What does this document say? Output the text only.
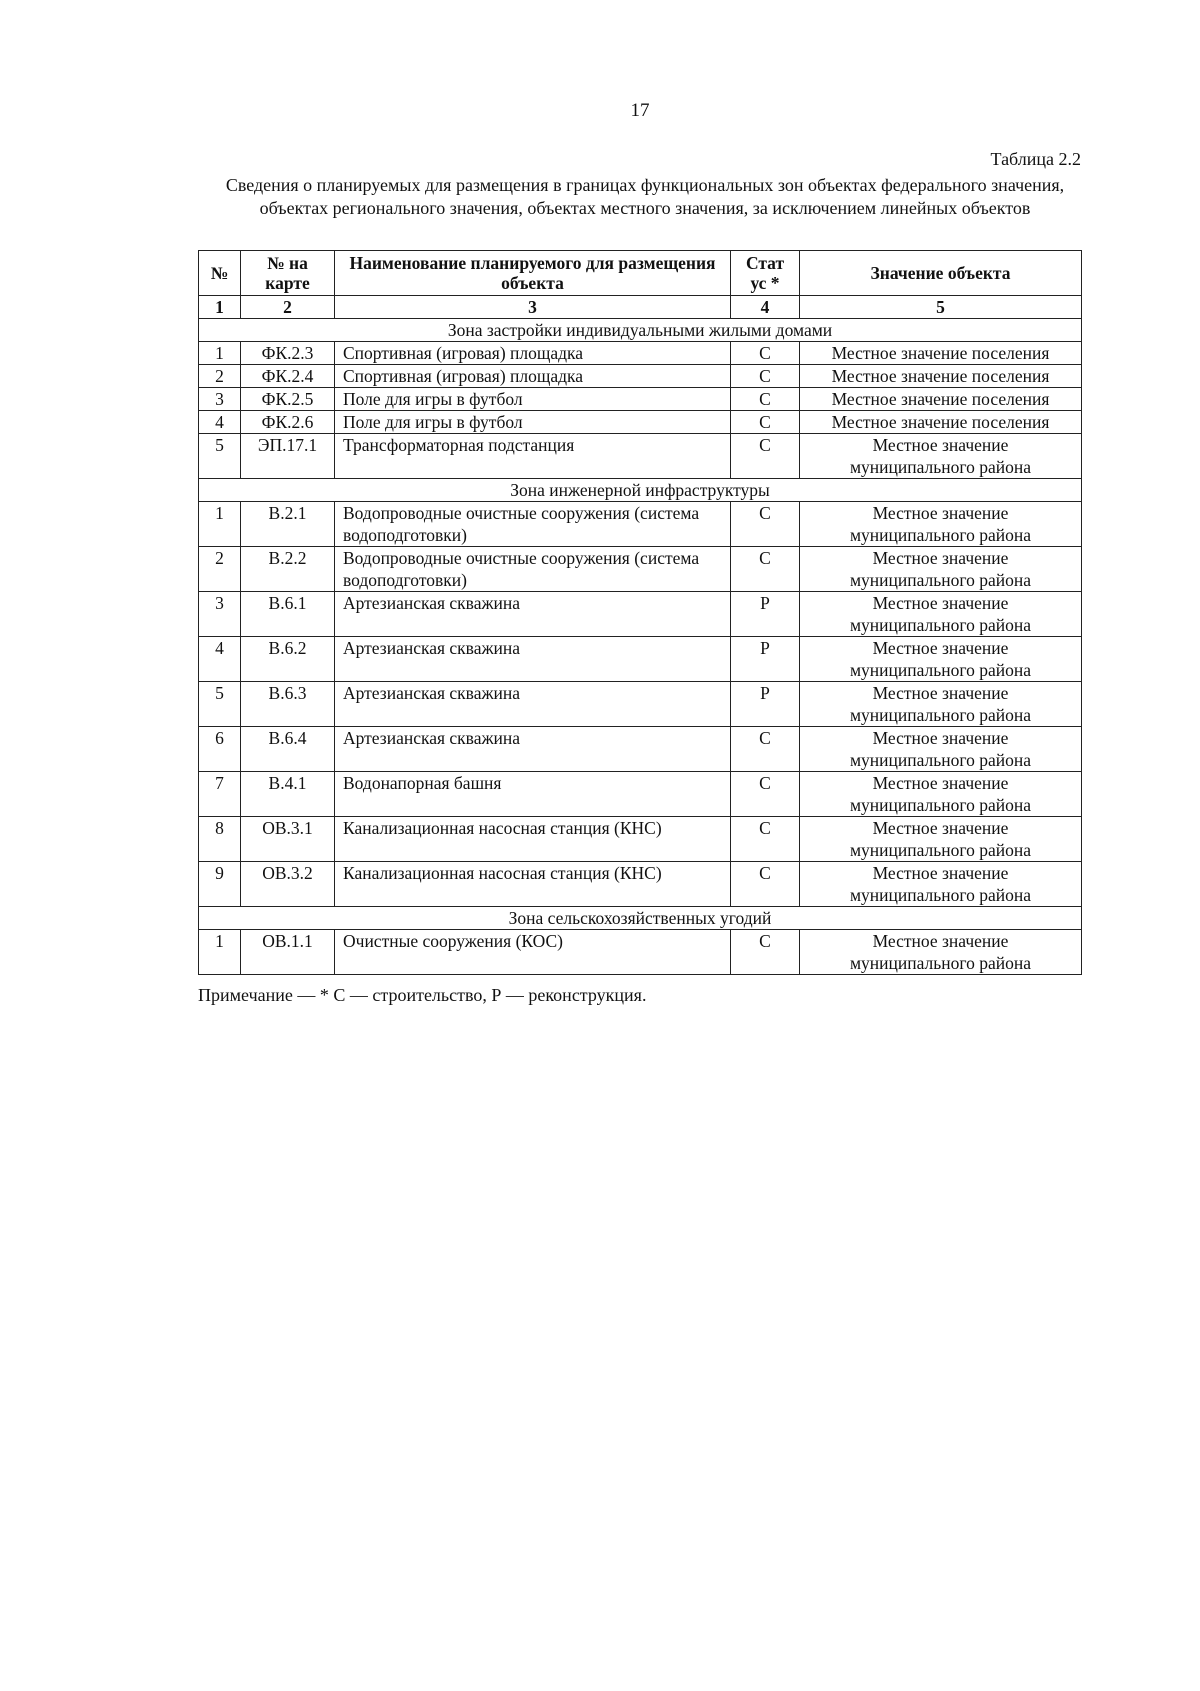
17
Таблица 2.2
Сведения о планируемых для размещения в границах функциональных зон объектах федерального значения, объектах регионального значения, объектах местного значения, за исключением линейных объектов
№	№ на карте	Наименование планируемого для размещения объекта	Стат ус *	Значение объекта
1	2	3	4	5
Зона застройки индивидуальными жилыми домами				
1	ФК.2.3	Спортивная (игровая) площадка	С	Местное значение поселения
2	ФК.2.4	Спортивная (игровая) площадка	С	Местное значение поселения
3	ФК.2.5	Поле для игры в футбол	С	Местное значение поселения
4	ФК.2.6	Поле для игры в футбол	С	Местное значение поселения
5	ЭП.17.1	Трансформаторная подстанция	С	Местное значение муниципального района
Зона инженерной инфраструктуры				
1	В.2.1	Водопроводные очистные сооружения (система водоподготовки)	С	Местное значение муниципального района
2	В.2.2	Водопроводные очистные сооружения (система водоподготовки)	С	Местное значение муниципального района
3	В.6.1	Артезианская скважина	Р	Местное значение муниципального района
4	В.6.2	Артезианская скважина	Р	Местное значение муниципального района
5	В.6.3	Артезианская скважина	Р	Местное значение муниципального района
6	В.6.4	Артезианская скважина	С	Местное значение муниципального района
7	В.4.1	Водонапорная башня	С	Местное значение муниципального района
8	ОВ.3.1	Канализационная насосная станция (КНС)	С	Местное значение муниципального района
9	ОВ.3.2	Канализационная насосная станция (КНС)	С	Местное значение муниципального района
Зона сельскохозяйственных угодий				
1	ОВ.1.1	Очистные сооружения (КОС)	С	Местное значение муниципального района
Примечание — * С — строительство, Р — реконструкция.
